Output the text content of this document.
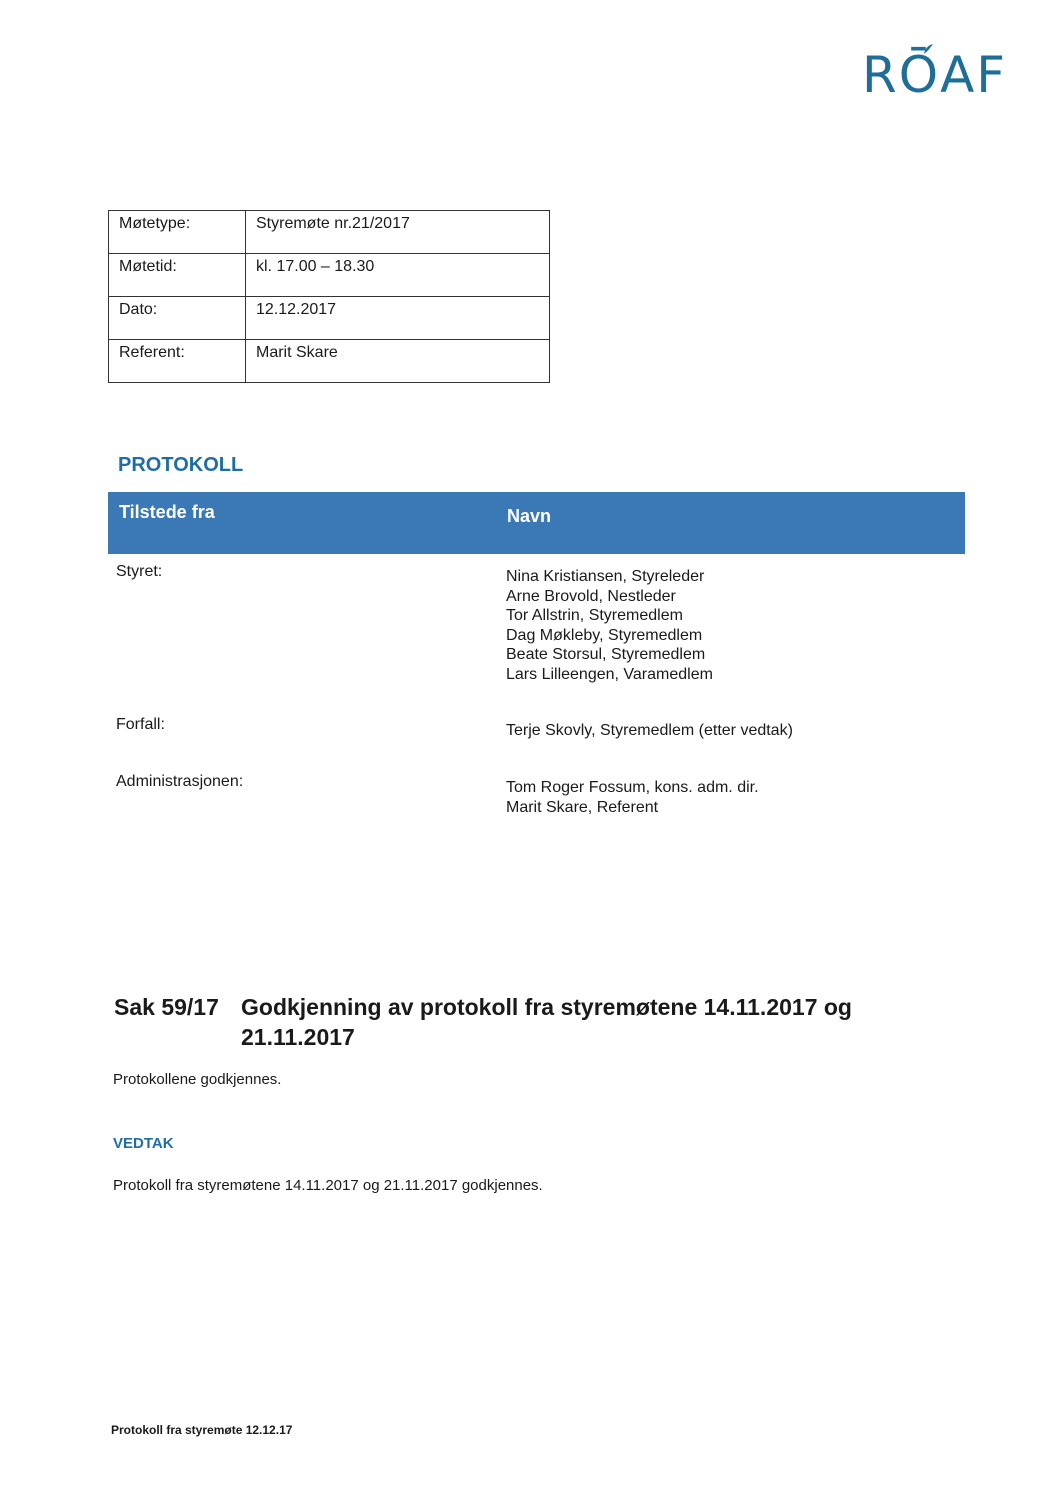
RŌAF
Møtetype:	Styremøte nr.21/2017
Møtetid:	kl. 17.00 – 18.30
Dato:	12.12.2017
Referent:	Marit Skare
PROTOKOLL
Tilstede fra	Navn
Styret:	Nina Kristiansen, Styreleder
Arne Brovold, Nestleder
Tor Allstrin, Styremedlem
Dag Møkleby, Styremedlem
Beate Storsul, Styremedlem
Lars Lilleengen, Varamedlem
Forfall:	Terje Skovly, Styremedlem (etter vedtak)
Administrasjonen:	Tom Roger Fossum, kons. adm. dir.
Marit Skare, Referent
Sak 59/17 Godkjenning av protokoll fra styremøtene 14.11.2017 og 21.11.2017
Protokollene godkjennes.
VEDTAK
Protokoll fra styremøtene 14.11.2017 og 21.11.2017 godkjennes.
Protokoll fra styremøte 12.12.17
